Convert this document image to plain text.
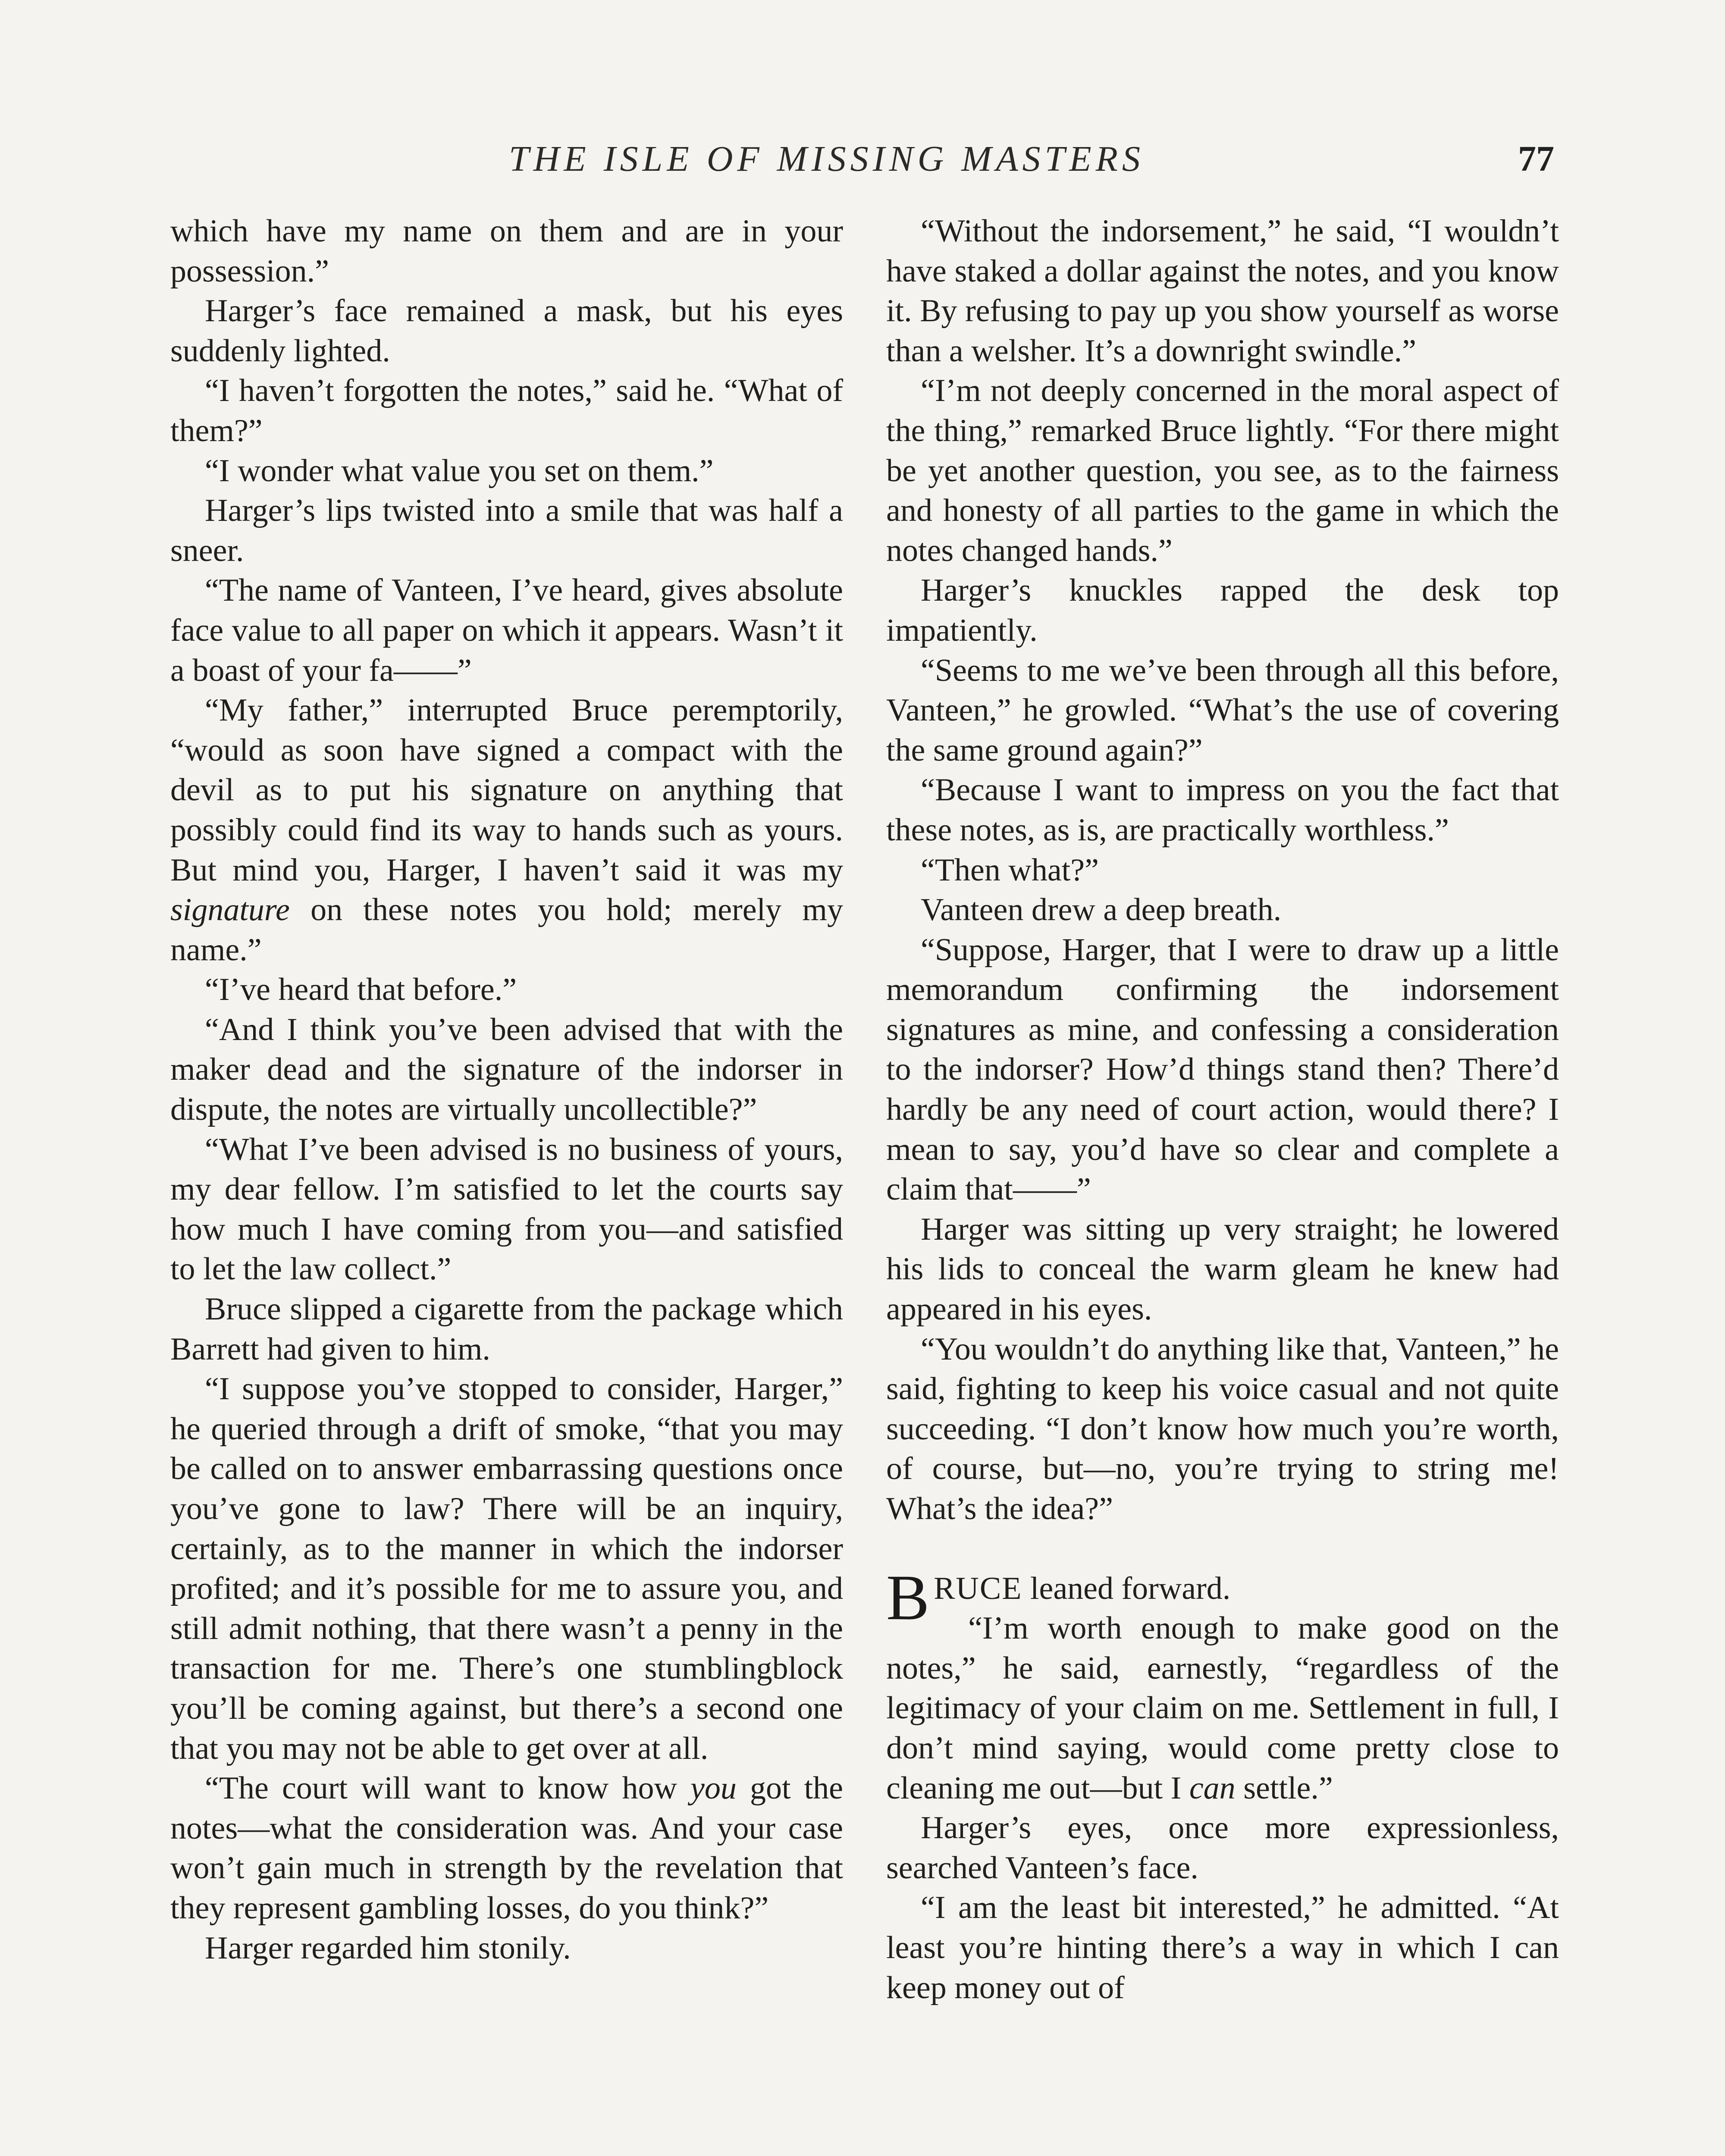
THE ISLE OF MISSING MASTERS	77

which have my name on them and are in your possession.”

Harger’s face remained a mask, but his eyes suddenly lighted.

“I haven’t forgotten the notes,” said he. “What of them?”

“I wonder what value you set on them.”

Harger’s lips twisted into a smile that was half a sneer.

“The name of Vanteen, I’ve heard, gives absolute face value to all paper on which it appears. Wasn’t it a boast of your fa——”

“My father,” interrupted Bruce peremptorily, “would as soon have signed a compact with the devil as to put his signature on anything that possibly could find its way to hands such as yours. But mind you, Harger, I haven’t said it was my signature on these notes you hold; merely my name.”

“I’ve heard that before.”

“And I think you’ve been advised that with the maker dead and the signature of the indorser in dispute, the notes are virtually uncollectible?”

“What I’ve been advised is no business of yours, my dear fellow. I’m satisfied to let the courts say how much I have coming from you—and satisfied to let the law collect.”

Bruce slipped a cigarette from the package which Barrett had given to him.

“I suppose you’ve stopped to consider, Harger,” he queried through a drift of smoke, “that you may be called on to answer embarrassing questions once you’ve gone to law? There will be an inquiry, certainly, as to the manner in which the indorser profited; and it’s possible for me to assure you, and still admit nothing, that there wasn’t a penny in the transaction for me. There’s one stumblingblock you’ll be coming against, but there’s a second one that you may not be able to get over at all.

“The court will want to know how you got the notes—what the consideration was. And your case won’t gain much in strength by the revelation that they represent gambling losses, do you think?”

Harger regarded him stonily.

“Without the indorsement,” he said, “I wouldn’t have staked a dollar against the notes, and you know it. By refusing to pay up you show yourself as worse than a welsher. It’s a downright swindle.”

“I’m not deeply concerned in the moral aspect of the thing,” remarked Bruce lightly. “For there might be yet another question, you see, as to the fairness and honesty of all parties to the game in which the notes changed hands.”

Harger’s knuckles rapped the desk top impatiently.

“Seems to me we’ve been through all this before, Vanteen,” he growled. “What’s the use of covering the same ground again?”

“Because I want to impress on you the fact that these notes, as is, are practically worthless.”

“Then what?”

Vanteen drew a deep breath.

“Suppose, Harger, that I were to draw up a little memorandum confirming the indorsement signatures as mine, and confessing a consideration to the indorser? How’d things stand then? There’d hardly be any need of court action, would there? I mean to say, you’d have so clear and complete a claim that——”

Harger was sitting up very straight; he lowered his lids to conceal the warm gleam he knew had appeared in his eyes.

“You wouldn’t do anything like that, Vanteen,” he said, fighting to keep his voice casual and not quite succeeding. “I don’t know how much you’re worth, of course, but—no, you’re trying to string me! What’s the idea?”

BRUCE leaned forward.

“I’m worth enough to make good on the notes,” he said, earnestly, “regardless of the legitimacy of your claim on me. Settlement in full, I don’t mind saying, would come pretty close to cleaning me out—but I can settle.”

Harger’s eyes, once more expressionless, searched Vanteen’s face.

“I am the least bit interested,” he admitted. “At least you’re hinting there’s a way in which I can keep money out of
